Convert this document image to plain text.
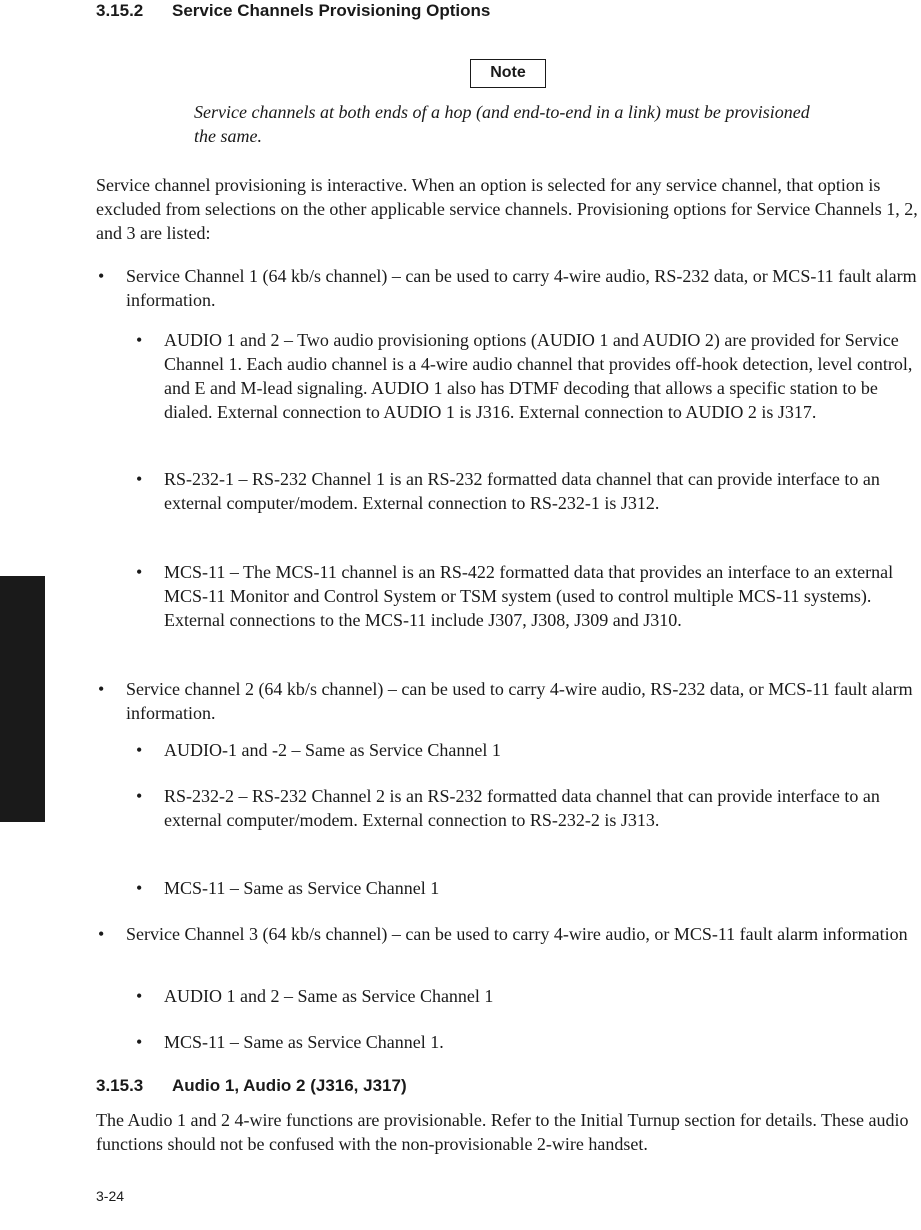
3.15.2 Service Channels Provisioning Options
Note
Service channels at both ends of a hop (and end-to-end in a link) must be provisioned the same.
Service channel provisioning is interactive. When an option is selected for any service channel, that option is excluded from selections on the other applicable service channels. Provisioning options for Service Channels 1, 2, and 3 are listed:
• Service Channel 1 (64 kb/s channel) – can be used to carry 4-wire audio, RS-232 data, or MCS-11 fault alarm information.
• AUDIO 1 and 2 – Two audio provisioning options (AUDIO 1 and AUDIO 2) are provided for Service Channel 1. Each audio channel is a 4-wire audio channel that provides off-hook detection, level control, and E and M-lead signaling. AUDIO 1 also has DTMF decoding that allows a specific station to be dialed. External connection to AUDIO 1 is J316. External connection to AUDIO 2 is J317.
• RS-232-1 – RS-232 Channel 1 is an RS-232 formatted data channel that can provide interface to an external computer/modem. External connection to RS-232-1 is J312.
• MCS-11 – The MCS-11 channel is an RS-422 formatted data that provides an interface to an external MCS-11 Monitor and Control System or TSM system (used to control multiple MCS-11 systems). External connections to the MCS-11 include J307, J308, J309 and J310.
• Service channel 2 (64 kb/s channel) – can be used to carry 4-wire audio, RS-232 data, or MCS-11 fault alarm information.
• AUDIO-1 and -2 – Same as Service Channel 1
• RS-232-2 – RS-232 Channel 2 is an RS-232 formatted data channel that can provide interface to an external computer/modem. External connection to RS-232-2 is J313.
• MCS-11 – Same as Service Channel 1
• Service Channel 3 (64 kb/s channel) – can be used to carry 4-wire audio, or MCS-11 fault alarm information
• AUDIO 1 and 2 – Same as Service Channel 1
• MCS-11 – Same as Service Channel 1.
3.15.3 Audio 1, Audio 2 (J316, J317)
The Audio 1 and 2 4-wire functions are provisionable. Refer to the Initial Turnup section for details. These audio functions should not be confused with the non-provisionable 2-wire handset.
3-24
